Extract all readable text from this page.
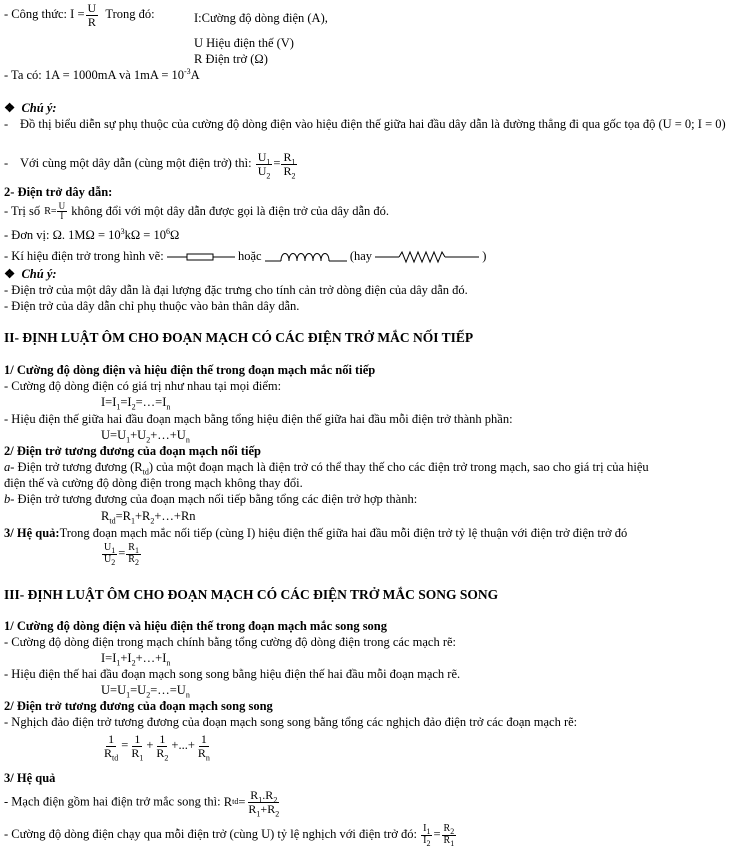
- Công thức: $I = \frac{U}{R}$ Trong đó:	I:Cường độ dòng điện (A),
U Hiệu điện thế (V)
R Điện trở (Ω)
- Ta có: 1A = 1000mA và $1mA = 10^{-3}A$
❖ Chú ý:
- Đồ thị biểu diễn sự phụ thuộc của cường độ dòng điện vào hiệu điện thế giữa hai đầu dây dẫn là đường thẳng đi qua gốc tọa độ (U = 0; I = 0)
- Với cùng một dây dẫn (cùng một điện trở) thì: $\frac{U_1}{U_2} = \frac{R_1}{R_2}$
2- Điện trở dây dẫn:
- Trị số $R= \frac{U}{I}$ không đổi với một dây dẫn được gọi là điện trở của dây dẫn đó.
- Đơn vị: Ω. $1M\Omega = 10^3k\Omega = 10^6\Omega$
- Kí hiệu điện trở trong hình vẽ:	hoặc	(hay	)
❖ Chú ý:
- Điện trở của một dây dẫn là đại lượng đặc trưng cho tính cản trở dòng điện của dây dẫn đó.
- Điện trở của dây dẫn chỉ phụ thuộc vào bản thân dây dẫn.
II- ĐỊNH LUẬT ÔM CHO ĐOẠN MẠCH CÓ CÁC ĐIỆN TRỞ MẮC NỐI TIẾP
1/ Cường độ dòng điện và hiệu điện thế trong đoạn mạch mắc nối tiếp
- Cường độ dòng điện có giá trị như nhau tại mọi điểm:
$I=I_1=I_2=\dots=I_n$
- Hiệu điện thế giữa hai đầu đoạn mạch bằng tổng hiệu điện thế giữa hai đầu mỗi điện trở thành phần:
$U=U_1+U_2+\dots+U_n$
2/ Điện trở tương đương của đoạn mạch nối tiếp
a- Điện trở tương đương $(R_{td})$ của một đoạn mạch là điện trở có thể thay thế cho các điện trở trong mạch, sao cho giá trị của hiệu
điện thế và cường độ dòng điện trong mạch không thay đổi.
b- Điện trở tương đương của đoạn mạch nối tiếp bằng tổng các điện trở hợp thành:
$R_{td}=R_1+R_2+\dots+Rn$
3/ Hệ quả:Trong đoạn mạch mắc nối tiếp (cùng I) hiệu điện thế giữa hai đầu mỗi điện trở tỷ lệ thuận với điện trở điện trở đó
$\frac{U_1}{U_2} = \frac{R_1}{R_2}$
III- ĐỊNH LUẬT ÔM CHO ĐOẠN MẠCH CÓ CÁC ĐIỆN TRỞ MẮC SONG SONG
1/ Cường độ dòng điện và hiệu điện thế trong đoạn mạch mắc song song
- Cường độ dòng điện trong mạch chính bằng tổng cường độ dòng điện trong các mạch rẽ:
$I=I_1+I_2+\dots+I_n$
- Hiệu điện thế hai đầu đoạn mạch song song bằng hiệu điện thế hai đầu mỗi đoạn mạch rẽ.
$U=U_1=U_2=\dots=U_n$
2/ Điện trở tương đương của đoạn mạch song song
- Nghịch đảo điện trở tương đương của đoạn mạch song song bằng tổng các nghịch đảo điện trở các đoạn mạch rẽ:
$\frac{1}{R_{td}} = \frac{1}{R_1} + \frac{1}{R_2}$ +...+ $\frac{1}{R_n}$
3/ Hệ quả
- Mạch điện gồm hai điện trở mắc song thì: R td = $\frac{R_1.R_2}{R_1+R_2}$
- Cường độ dòng điện chạy qua mỗi điện trở (cùng U) tỷ lệ nghịch với điện trở đó: $\frac{I_1}{I_2} = \frac{R_2}{R_1}$
